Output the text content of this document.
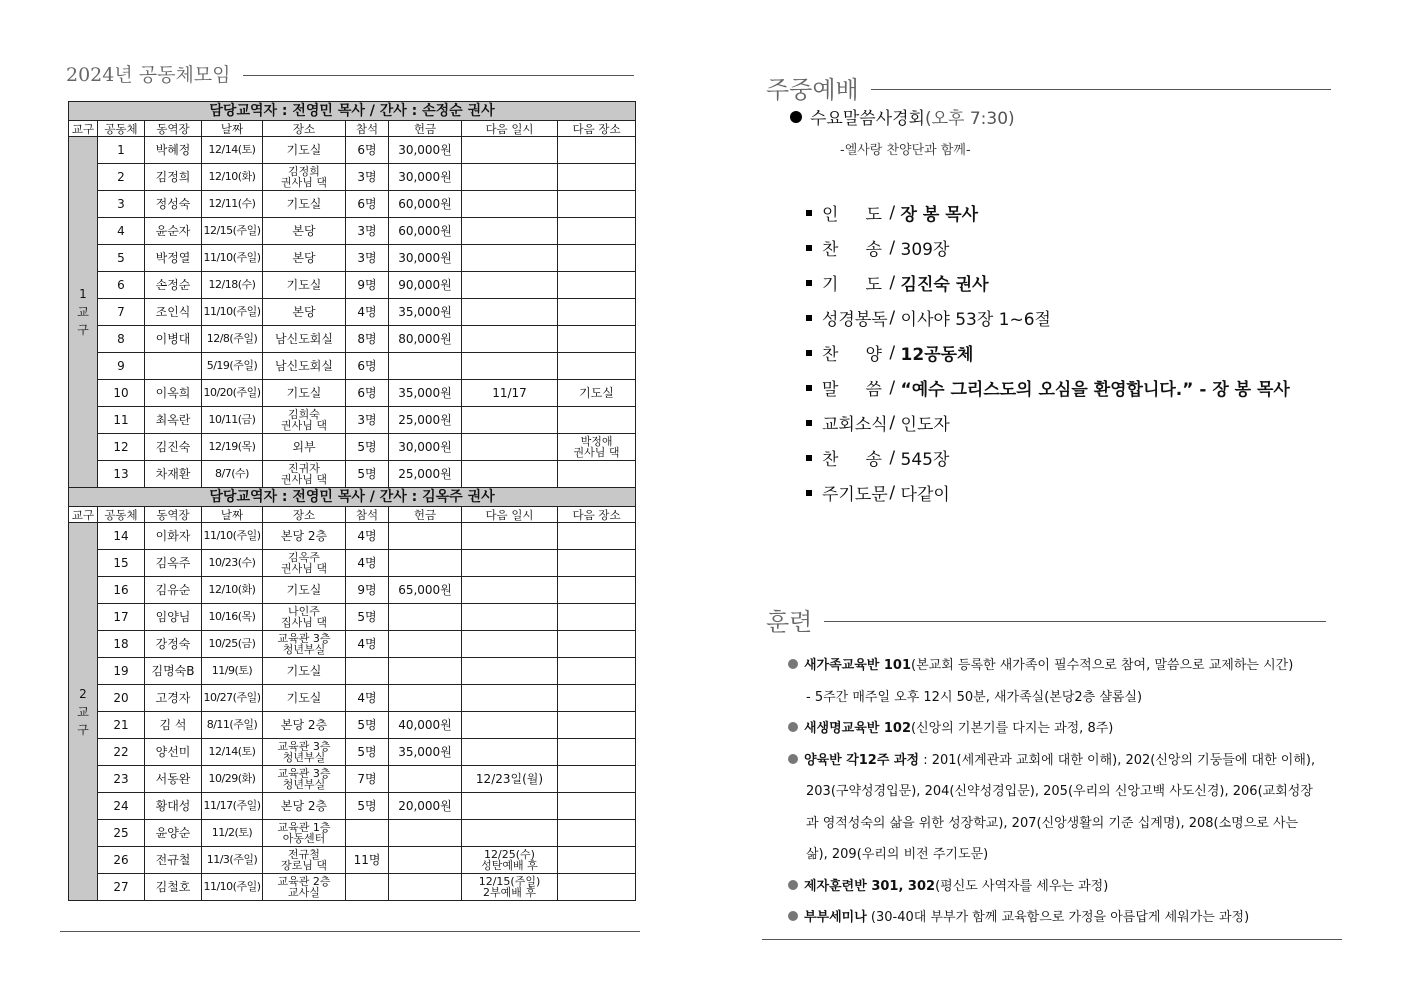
2024년 공동체모임
담당교역자 : 전영민 목사 / 간사 : 손정순 권사								
교구	공동체	동역장	날짜	장소	참석	헌금	다음 일시	다음 장소
1
교
구	1	박혜정	12/14(토)	기도실	6명	30,000원		
	2	김정희	12/10(화)	김정희
권사님 댁	3명	30,000원		
	3	정성숙	12/11(수)	기도실	6명	60,000원		
	4	윤순자	12/15(주일)	본당	3명	60,000원		
	5	박정열	11/10(주일)	본당	3명	30,000원		
	6	손정순	12/18(수)	기도실	9명	90,000원		
	7	조인식	11/10(주일)	본당	4명	35,000원		
	8	이병대	12/8(주일)	남신도회실	8명	80,000원		
	9		5/19(주일)	남신도회실	6명			
	10	이옥희	10/20(주일)	기도실	6명	35,000원	11/17	기도실
	11	최옥란	10/11(금)	김희숙
권사님 댁	3명	25,000원		
	12	김진숙	12/19(목)	외부	5명	30,000원		박정애
권사님 댁
	13	차재환	8/7(수)	진귀자
권사님 댁	5명	25,000원		
담당교역자 : 전영민 목사 / 간사 : 김옥주 권사								
교구	공동체	동역장	날짜	장소	참석	헌금	다음 일시	다음 장소
2
교
구	14	이화자	11/10(주일)	본당 2층	4명			
	15	김옥주	10/23(수)	김옥주
권사님 댁	4명			
	16	김유순	12/10(화)	기도실	9명	65,000원		
	17	임양님	10/16(목)	나인주
집사님 댁	5명			
	18	강정숙	10/25(금)	교육관 3층
청년부실	4명			
	19	김명숙B	11/9(토)	기도실				
	20	고경자	10/27(주일)	기도실	4명			
	21	김 석	8/11(주일)	본당 2층	5명	40,000원		
	22	양선미	12/14(토)	교육관 3층
청년부실	5명	35,000원		
	23	서동완	10/29(화)	교육관 3층
청년부실	7명		12/23일(월)	
	24	황대성	11/17(주일)	본당 2층	5명	20,000원		
	25	윤양순	11/2(토)	교육관 1층
아동센터				
	26	전규철	11/3(주일)	전규철
장로님 댁	11명		12/25(수)
성탄예배 후	
	27	김철호	11/10(주일)	교육관 2층
교사실			12/15(주일)
2부예배 후	
주중예배
수요말씀사경회 (오후 7:30)
-엘사랑 찬양단과 함께-
인     도 / 장 봉 목사
찬     송 / 309장
기     도 / 김진숙 권사
성경봉독
/ 이사야 53장 1~6절
찬     양 / 12공동체
말     씀 / “예수 그리스도의 오심을 환영합니다.” - 장 봉 목사
교회소식
/ 인도자
찬     송 / 545장
주기도문
/ 다같이
훈련
새가족교육반 101(본교회 등록한 새가족이 필수적으로 참여, 말씀으로 교제하는 시간)
- 5주간 매주일 오후 12시 50분, 새가족실(본당2층 샬롬실)
새생명교육반 102(신앙의 기본기를 다지는 과정, 8주)
양육반 각12주 과정 : 201(세계관과 교회에 대한 이해), 202(신앙의 기둥들에 대한 이해),
203(구약성경입문), 204(신약성경입문), 205(우리의 신앙고백 사도신경), 206(교회성장
과 영적성숙의 삶을 위한 성장학교), 207(신앙생활의 기준 십계명), 208(소명으로 사는
삶), 209(우리의 비전 주기도문)
제자훈련반 301, 302(평신도 사역자를 세우는 과정)
부부세미나 (30-40대 부부가 함께 교육함으로 가정을 아름답게 세워가는 과정)
